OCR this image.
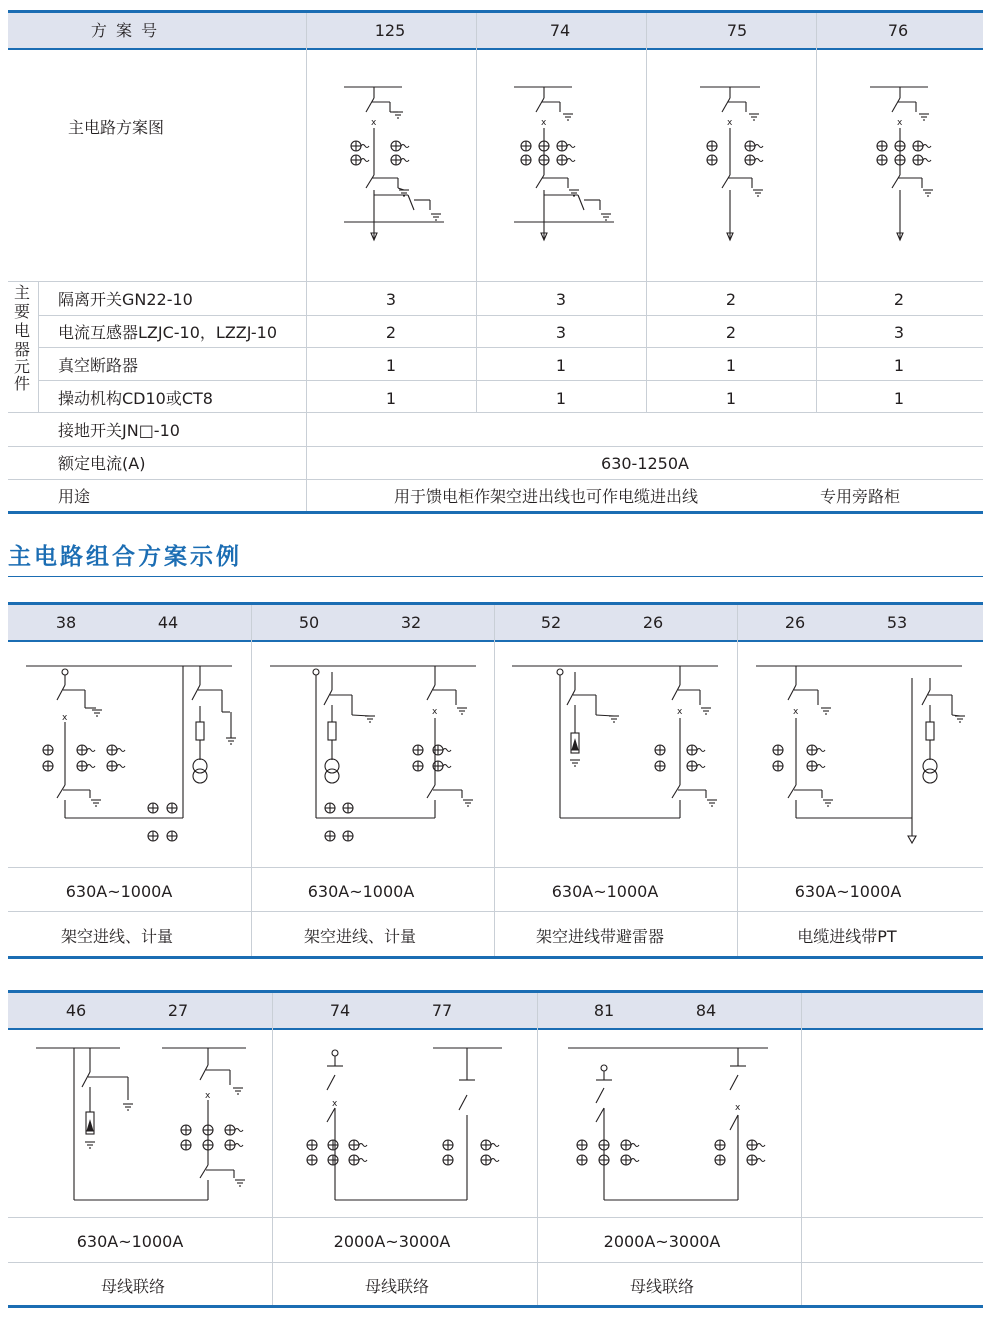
方 案 号	125	74	75	76
主电路方案图
主
要
电
器
元
件
隔离开关GN22-10	3	3	2	2
电流互感器LZJC-10，LZZJ-10	2	3	2	3
真空断路器	1	1	1	1
操动机构CD10或CT8	1	1	1	1
接地开关JN□-10
额定电流(A)	630-1250A
用途	用于馈电柜作架空进出线也可作电缆进出线	专用旁路柜
主电路组合方案示例
38	44	50	32	52	26	26	53
630A~1000A	630A~1000A	630A~1000A	630A~1000A
架空进线、计量	架空进线、计量	架空进线带避雷器	电缆进线带PT
46	27	74	77	81	84
630A~1000A	2000A~3000A	2000A~3000A
母线联络	母线联络	母线联络
x	x	x	x
x
x	x	x
x
x	x
